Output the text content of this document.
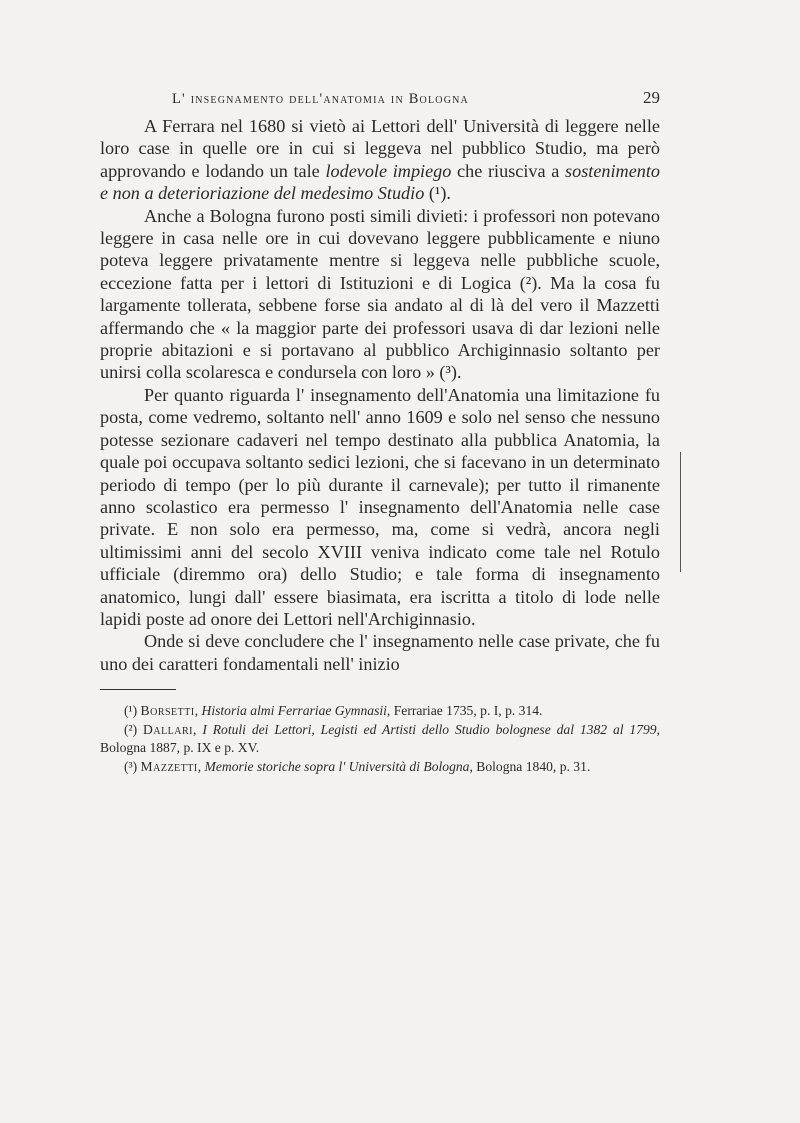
L' insegnamento dell'anatomia in Bologna	29

A Ferrara nel 1680 si vietò ai Lettori dell' Università di leggere nelle loro case in quelle ore in cui si leggeva nel pubblico Studio, ma però approvando e lodando un tale lodevole impiego che riusciva a sostenimento e non a deterioriazione del medesimo Studio (¹).

Anche a Bologna furono posti simili divieti: i professori non potevano leggere in casa nelle ore in cui dovevano leggere pubblicamente e niuno poteva leggere privatamente mentre si leggeva nelle pubbliche scuole, eccezione fatta per i lettori di Istituzioni e di Logica (²). Ma la cosa fu largamente tollerata, sebbene forse sia andato al di là del vero il Mazzetti affermando che « la maggior parte dei professori usava di dar lezioni nelle proprie abitazioni e si portavano al pubblico Archiginnasio soltanto per unirsi colla scolaresca e condursela con loro » (³).

Per quanto riguarda l' insegnamento dell'Anatomia una limitazione fu posta, come vedremo, soltanto nell' anno 1609 e solo nel senso che nessuno potesse sezionare cadaveri nel tempo destinato alla pubblica Anatomia, la quale poi occupava soltanto sedici lezioni, che si facevano in un determinato periodo di tempo (per lo più durante il carnevale); per tutto il rimanente anno scolastico era permesso l' insegnamento dell'Anatomia nelle case private. E non solo era permesso, ma, come si vedrà, ancora negli ultimissimi anni del secolo XVIII veniva indicato come tale nel Rotulo ufficiale (diremmo ora) dello Studio; e tale forma di insegnamento anatomico, lungi dall' essere biasimata, era iscritta a titolo di lode nelle lapidi poste ad onore dei Lettori nell'Archiginnasio.

Onde si deve concludere che l' insegnamento nelle case private, che fu uno dei caratteri fondamentali nell' inizio

(¹) Borsetti, Historia almi Ferrariae Gymnasii, Ferrariae 1735, p. I, p. 314.
(²) Dallari, I Rotuli dei Lettori, Legisti ed Artisti dello Studio bolognese dal 1382 al 1799, Bologna 1887, p. IX e p. XV.
(³) Mazzetti, Memorie storiche sopra l' Università di Bologna, Bologna 1840, p. 31.
